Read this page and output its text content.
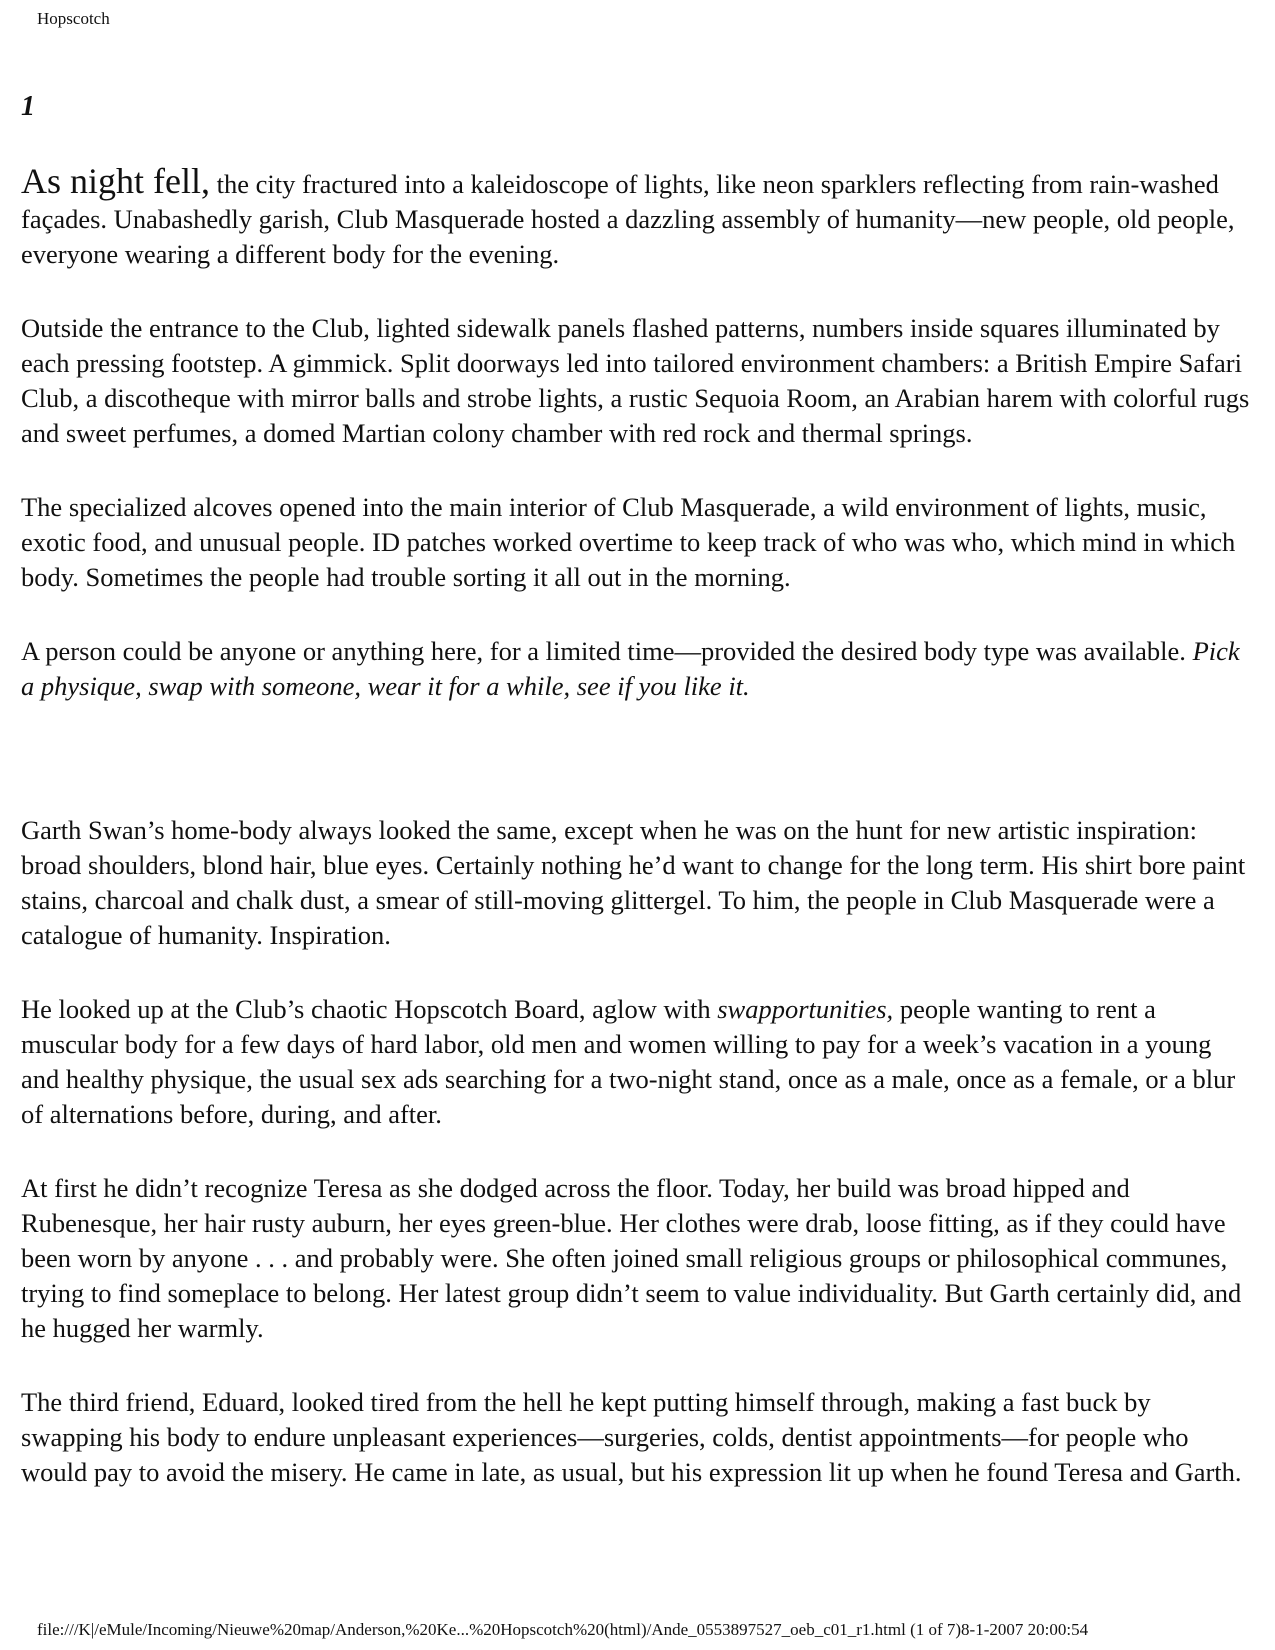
Hopscotch
1

As night fell, the city fractured into a kaleidoscope of lights, like neon sparklers reflecting from rain-washed façades. Unabashedly garish, Club Masquerade hosted a dazzling assembly of humanity—new people, old people, everyone wearing a different body for the evening.

Outside the entrance to the Club, lighted sidewalk panels flashed patterns, numbers inside squares illuminated by each pressing footstep. A gimmick. Split doorways led into tailored environment chambers: a British Empire Safari Club, a discotheque with mirror balls and strobe lights, a rustic Sequoia Room, an Arabian harem with colorful rugs and sweet perfumes, a domed Martian colony chamber with red rock and thermal springs.

The specialized alcoves opened into the main interior of Club Masquerade, a wild environment of lights, music, exotic food, and unusual people. ID patches worked overtime to keep track of who was who, which mind in which body. Sometimes the people had trouble sorting it all out in the morning.

A person could be anyone or anything here, for a limited time—provided the desired body type was available. Pick a physique, swap with someone, wear it for a while, see if you like it.

Garth Swan’s home-body always looked the same, except when he was on the hunt for new artistic inspiration: broad shoulders, blond hair, blue eyes. Certainly nothing he’d want to change for the long term. His shirt bore paint stains, charcoal and chalk dust, a smear of still-moving glittergel. To him, the people in Club Masquerade were a catalogue of humanity. Inspiration.

He looked up at the Club’s chaotic Hopscotch Board, aglow with swapportunities, people wanting to rent a muscular body for a few days of hard labor, old men and women willing to pay for a week’s vacation in a young and healthy physique, the usual sex ads searching for a two-night stand, once as a male, once as a female, or a blur of alternations before, during, and after.

At first he didn’t recognize Teresa as she dodged across the floor. Today, her build was broad hipped and Rubenesque, her hair rusty auburn, her eyes green-blue. Her clothes were drab, loose fitting, as if they could have been worn by anyone . . . and probably were. She often joined small religious groups or philosophical communes, trying to find someplace to belong. Her latest group didn’t seem to value individuality. But Garth certainly did, and he hugged her warmly.

The third friend, Eduard, looked tired from the hell he kept putting himself through, making a fast buck by swapping his body to endure unpleasant experiences—surgeries, colds, dentist appointments—for people who would pay to avoid the misery. He came in late, as usual, but his expression lit up when he found Teresa and Garth.

file:///K|/eMule/Incoming/Nieuwe%20map/Anderson,%20Ke...%20Hopscotch%20(html)/Ande_0553897527_oeb_c01_r1.html (1 of 7)8-1-2007 20:00:54
